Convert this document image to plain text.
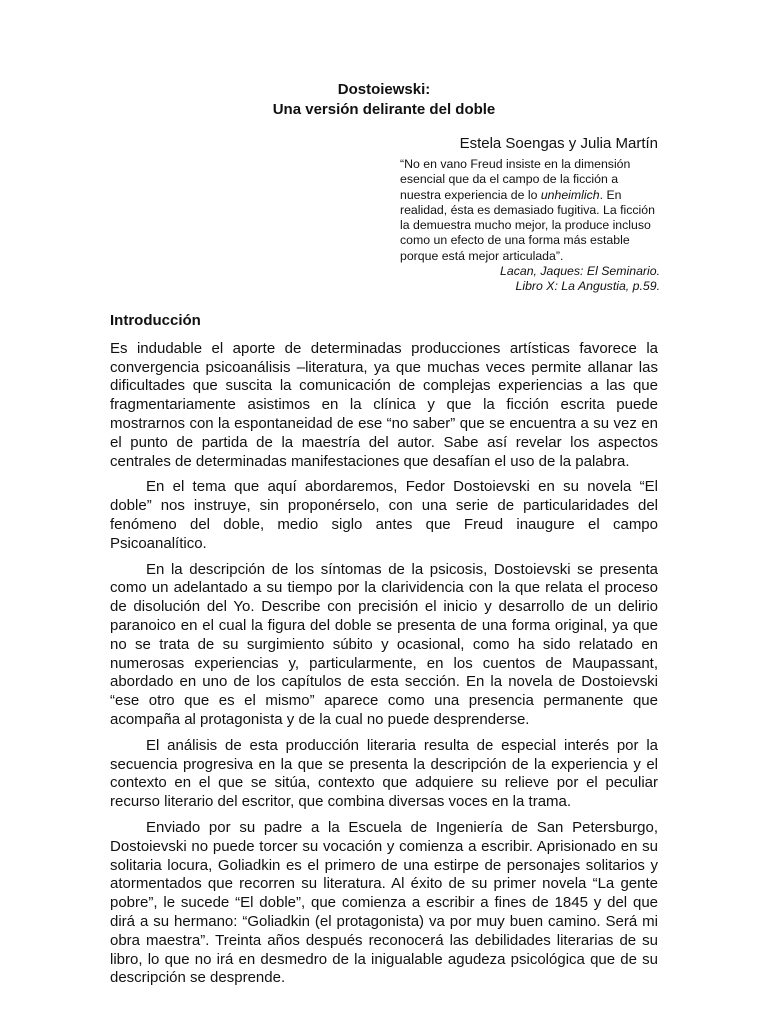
Dostoiewski:
Una versión delirante del doble
Estela Soengas y Julia Martín

“No en vano Freud insiste en la dimensión esencial que da el campo de la ficción a nuestra experiencia de lo unheimlich. En realidad, ésta es demasiado fugitiva. La ficción la demuestra mucho mejor, la produce incluso como un efecto de una forma más estable porque está mejor articulada”.

Lacan, Jaques: El Seminario.

Libro X: La Angustia, p.59.

Introducción

Es indudable el aporte de determinadas producciones artísticas favorece la convergencia psicoanálisis –literatura, ya que muchas veces permite allanar las dificultades que suscita la comunicación de complejas experiencias a las que fragmentariamente asistimos en la clínica y que la ficción escrita puede mostrarnos con la espontaneidad de ese “no saber” que se encuentra a su vez en el punto de partida de la maestría del autor. Sabe así revelar los aspectos centrales de determinadas manifestaciones que desafían el uso de la palabra.

En el tema que aquí abordaremos, Fedor Dostoievski en su novela “El doble” nos instruye, sin proponérselo, con una serie de particularidades del fenómeno del doble, medio siglo antes que Freud inaugure el campo Psicoanalítico.

En la descripción de los síntomas de la psicosis, Dostoievski se presenta como un adelantado a su tiempo por la clarividencia con la que relata el proceso de disolución del Yo. Describe con precisión el inicio y desarrollo de un delirio paranoico en el cual la figura del doble se presenta de una forma original, ya que no se trata de su surgimiento súbito y ocasional, como ha sido relatado en numerosas experiencias y, particularmente, en los cuentos de Maupassant, abordado en uno de los capítulos de esta sección. En la novela de Dostoievski “ese otro que es el mismo” aparece como una presencia permanente que acompaña al protagonista y de la cual no puede desprenderse.

El análisis de esta producción literaria resulta de especial interés por la secuencia progresiva en la que se presenta la descripción de la experiencia y el contexto en el que se sitúa, contexto que adquiere su relieve por el peculiar recurso literario del escritor, que combina diversas voces en la trama.

Enviado por su padre a la Escuela de Ingeniería de San Petersburgo, Dostoievski no puede torcer su vocación y comienza a escribir. Aprisionado en su solitaria locura, Goliadkin es el primero de una estirpe de personajes solitarios y atormentados que recorren su literatura. Al éxito de su primer novela “La gente pobre”, le sucede “El doble”, que comienza a escribir a fines de 1845 y del que dirá a su hermano: “Goliadkin (el protagonista) va por muy buen camino. Será mi obra maestra”. Treinta años después reconocerá las debilidades literarias de su libro, lo que no irá en desmedro de la inigualable agudeza psicológica que de su descripción se desprende.
